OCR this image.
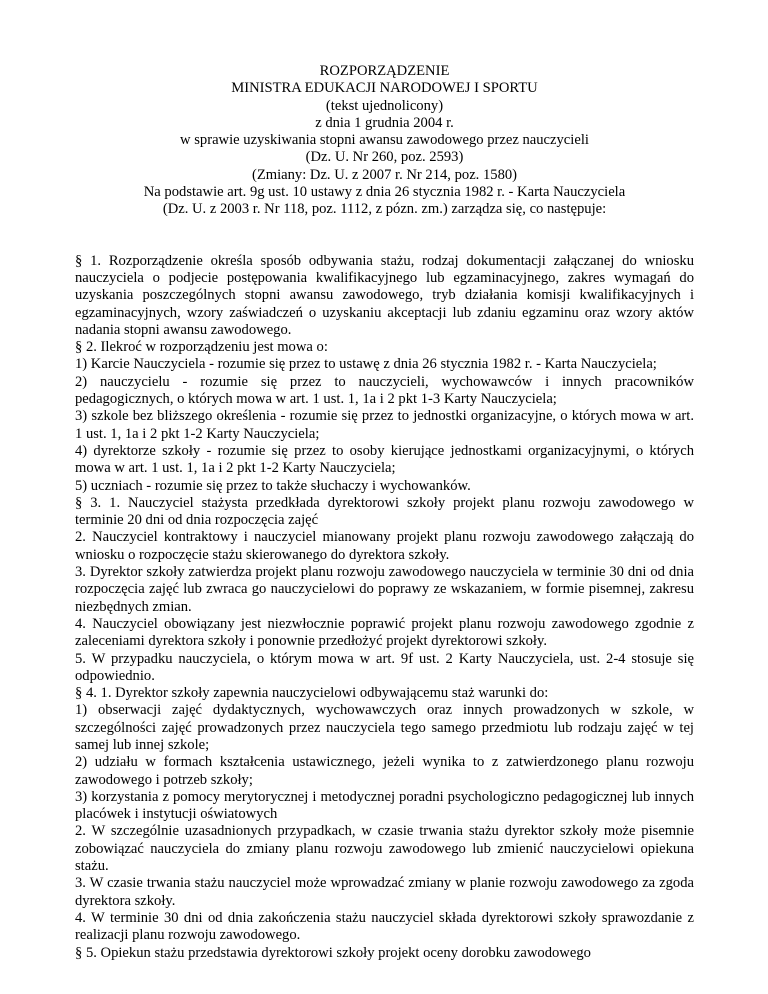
ROZPORZĄDZENIE
MINISTRA EDUKACJI NARODOWEJ I SPORTU
(tekst ujednolicony)
z dnia 1 grudnia 2004 r.
w sprawie uzyskiwania stopni awansu zawodowego przez nauczycieli
(Dz. U. Nr 260, poz. 2593)
(Zmiany: Dz. U. z 2007 r. Nr 214, poz. 1580)
Na podstawie art. 9g ust. 10 ustawy z dnia 26 stycznia 1982 r. - Karta Nauczyciela
(Dz. U. z 2003 r. Nr 118, poz. 1112, z pózn. zm.) zarządza się, co następuje:

§ 1. Rozporządzenie określa sposób odbywania stażu, rodzaj dokumentacji załączanej do wniosku nauczyciela o podjecie postępowania kwalifikacyjnego lub egzaminacyjnego, zakres wymagań do uzyskania poszczególnych stopni awansu zawodowego, tryb działania komisji kwalifikacyjnych i egzaminacyjnych, wzory zaświadczeń o uzyskaniu akceptacji lub zdaniu egzaminu oraz wzory aktów nadania stopni awansu zawodowego.

§ 2. Ilekroć w rozporządzeniu jest mowa o:

1) Karcie Nauczyciela - rozumie się przez to ustawę z dnia 26 stycznia 1982 r. - Karta Nauczyciela;

2) nauczycielu - rozumie się przez to nauczycieli, wychowawców i innych pracowników pedagogicznych, o których mowa w art. 1 ust. 1, 1a i 2 pkt 1-3 Karty Nauczyciela;

3) szkole bez bliższego określenia - rozumie się przez to jednostki organizacyjne, o których mowa w art. 1 ust. 1, 1a i 2 pkt 1-2 Karty Nauczyciela;

4) dyrektorze szkoły - rozumie się przez to osoby kierujące jednostkami organizacyjnymi, o których mowa w art. 1 ust. 1, 1a i 2 pkt 1-2 Karty Nauczyciela;

5) uczniach - rozumie się przez to także słuchaczy i wychowanków.

§ 3. 1. Nauczyciel stażysta przedkłada dyrektorowi szkoły projekt planu rozwoju zawodowego w terminie 20 dni od dnia rozpoczęcia zajęć

2. Nauczyciel kontraktowy i nauczyciel mianowany projekt planu rozwoju zawodowego załączają do wniosku o rozpoczęcie stażu skierowanego do dyrektora szkoły.

3. Dyrektor szkoły zatwierdza projekt planu rozwoju zawodowego nauczyciela w terminie 30 dni od dnia rozpoczęcia zajęć lub zwraca go nauczycielowi do poprawy ze wskazaniem, w formie pisemnej, zakresu niezbędnych zmian.

4. Nauczyciel obowiązany jest niezwłocznie poprawić projekt planu rozwoju zawodowego zgodnie z zaleceniami dyrektora szkoły i ponownie przedłożyć projekt dyrektorowi szkoły.

5. W przypadku nauczyciela, o którym mowa w art. 9f ust. 2 Karty Nauczyciela, ust. 2-4 stosuje się odpowiednio.

§ 4. 1. Dyrektor szkoły zapewnia nauczycielowi odbywającemu staż warunki do:

1) obserwacji zajęć dydaktycznych, wychowawczych oraz innych prowadzonych w szkole, w szczególności zajęć prowadzonych przez nauczyciela tego samego przedmiotu lub rodzaju zajęć w tej samej lub innej szkole;

2) udziału w formach kształcenia ustawicznego, jeżeli wynika to z zatwierdzonego planu rozwoju zawodowego i potrzeb szkoły;

3) korzystania z pomocy merytorycznej i metodycznej poradni psychologiczno pedagogicznej lub innych placówek i instytucji oświatowych

2. W szczególnie uzasadnionych przypadkach, w czasie trwania stażu dyrektor szkoły może pisemnie zobowiązać nauczyciela do zmiany planu rozwoju zawodowego lub zmienić nauczycielowi opiekuna stażu.

3. W czasie trwania stażu nauczyciel może wprowadzać zmiany w planie rozwoju zawodowego za zgoda dyrektora szkoły.

4. W terminie 30 dni od dnia zakończenia stażu nauczyciel składa dyrektorowi szkoły sprawozdanie z realizacji planu rozwoju zawodowego.

§ 5. Opiekun stażu przedstawia dyrektorowi szkoły projekt oceny dorobku zawodowego
